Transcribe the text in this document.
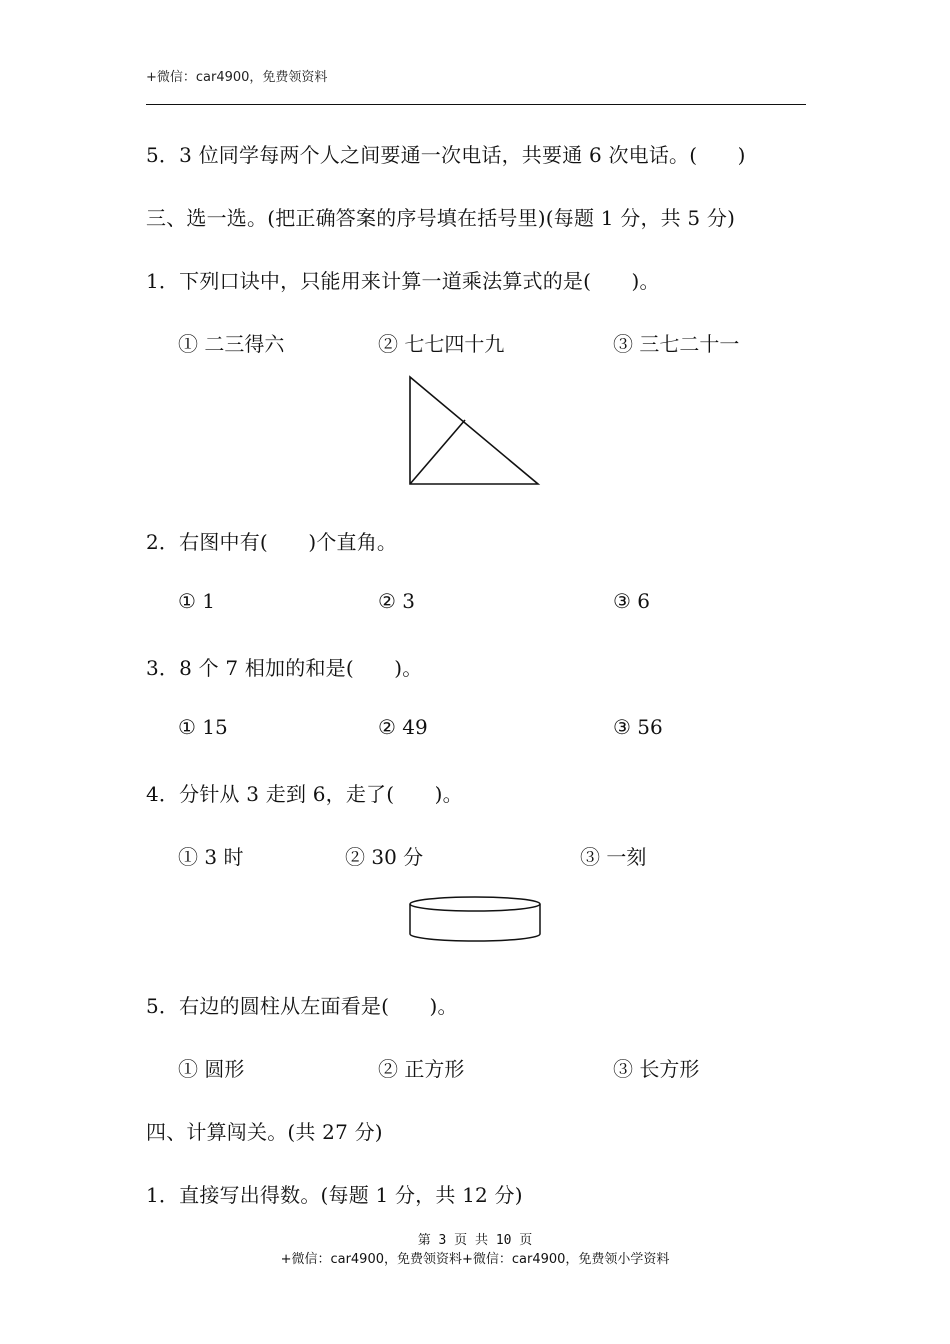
+微信：car4900，免费领资料
5．3 位同学每两个人之间要通一次电话，共要通 6 次电话。(　　)
三、选一选。(把正确答案的序号填在括号里)(每题 1 分，共 5 分)
1．下列口诀中，只能用来计算一道乘法算式的是(　　)。
① 二三得六	② 七七四十九	③ 三七二十一
2．右图中有(　　)个直角。
① 1	② 3	③ 6
3．8 个 7 相加的和是(　　)。
① 15	② 49	③ 56
4．分针从 3 走到 6，走了(　　)。
① 3 时	② 30 分	③ 一刻
5．右边的圆柱从左面看是(　　)。
① 圆形	② 正方形	③ 长方形
四、计算闯关。(共 27 分)
1．直接写出得数。(每题 1 分，共 12 分)
第 3 页 共 10 页
+微信：car4900，免费领资料+微信：car4900，免费领小学资料
